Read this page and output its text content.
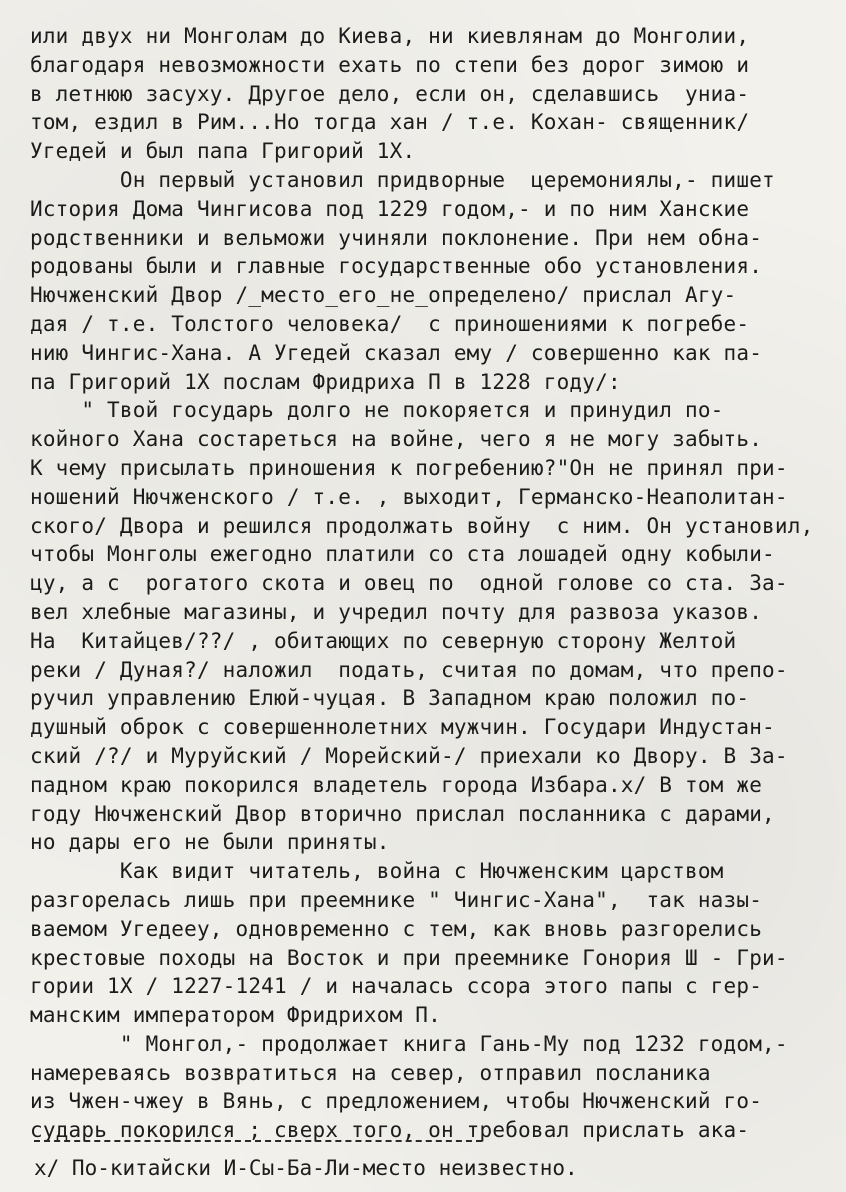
или двух ни Монголам до Киева, ни киевлянам до Монголии,
благодаря невозможности ехать по степи без дорог зимою и
в летнюю засуху. Другое дело, если он, сделавшись  униа-
том, ездил в Рим...Но тогда хан / т.е. Кохан- священник/
Угедей и был папа Григорий 1Х.
Он первый установил придворные  церемониялы,- пишет
История Дома Чингисова под 1229 годом,- и по ним Ханские
родственники и вельможи учиняли поклонение. При нем обна-
родованы были и главные государственные обо установления.
Нючженский Двор /_место_его_не_определено/ прислал Агу-
дая / т.е. Толстого человека/  с приношениями к погребе-
нию Чингис-Хана. А Угедей сказал ему / совершенно как па-
па Григорий 1Х послам Фридриха П в 1228 году/:
" Твой государь долго не покоряется и принудил по-
койного Хана состареться на войне, чего я не могу забыть.
К чему присылать приношения к погребению?"Он не принял при-
ношений Нючженского / т.е. , выходит, Германско-Неаполитан-
ского/ Двора и решился продолжать войну  с ним. Он установил,
чтобы Монголы ежегодно платили со ста лошадей одну кобыли-
цу, а с  рогатого скота и овец по  одной голове со ста. За-
вел хлебные магазины, и учредил почту для развоза указов.
На  Китайцев/??/ , обитающих по северную сторону Желтой
реки / Дуная?/ наложил  подать, считая по домам, что препо-
ручил управлению Елюй-чуцая. В Западном краю положил по-
душный оброк с совершеннолетних мужчин. Государи Индустан-
ский /?/ и Муруйский / Морейский-/ приехали ко Двору. В За-
падном краю покорился владетель города Избара.x/ В том же
году Нючженский Двор вторично прислал посланника с дарами,
но дары его не были приняты.
Как видит читатель, война с Нючженским царством
разгорелась лишь при преемнике " Чингис-Хана",  так назы-
ваемом Угедееу, одновременно с тем, как вновь разгорелись
крестовые походы на Восток и при преемнике Гонория Ш - Гри-
гории 1Х / 1227-1241 / и началась ссора этого папы с гер-
манским императором Фридрихом П.
" Монгол,- продолжает книга Гань-Му под 1232 годом,-
намереваясь возвратиться на север, отправил посланика
из Чжен-чжеу в Вянь, с предложением, чтобы Нючженский го-
сударь покорился ; сверх того, он требовал прислать ака-
x/ По-китайски И-Сы-Ба-Ли-место неизвестно.
